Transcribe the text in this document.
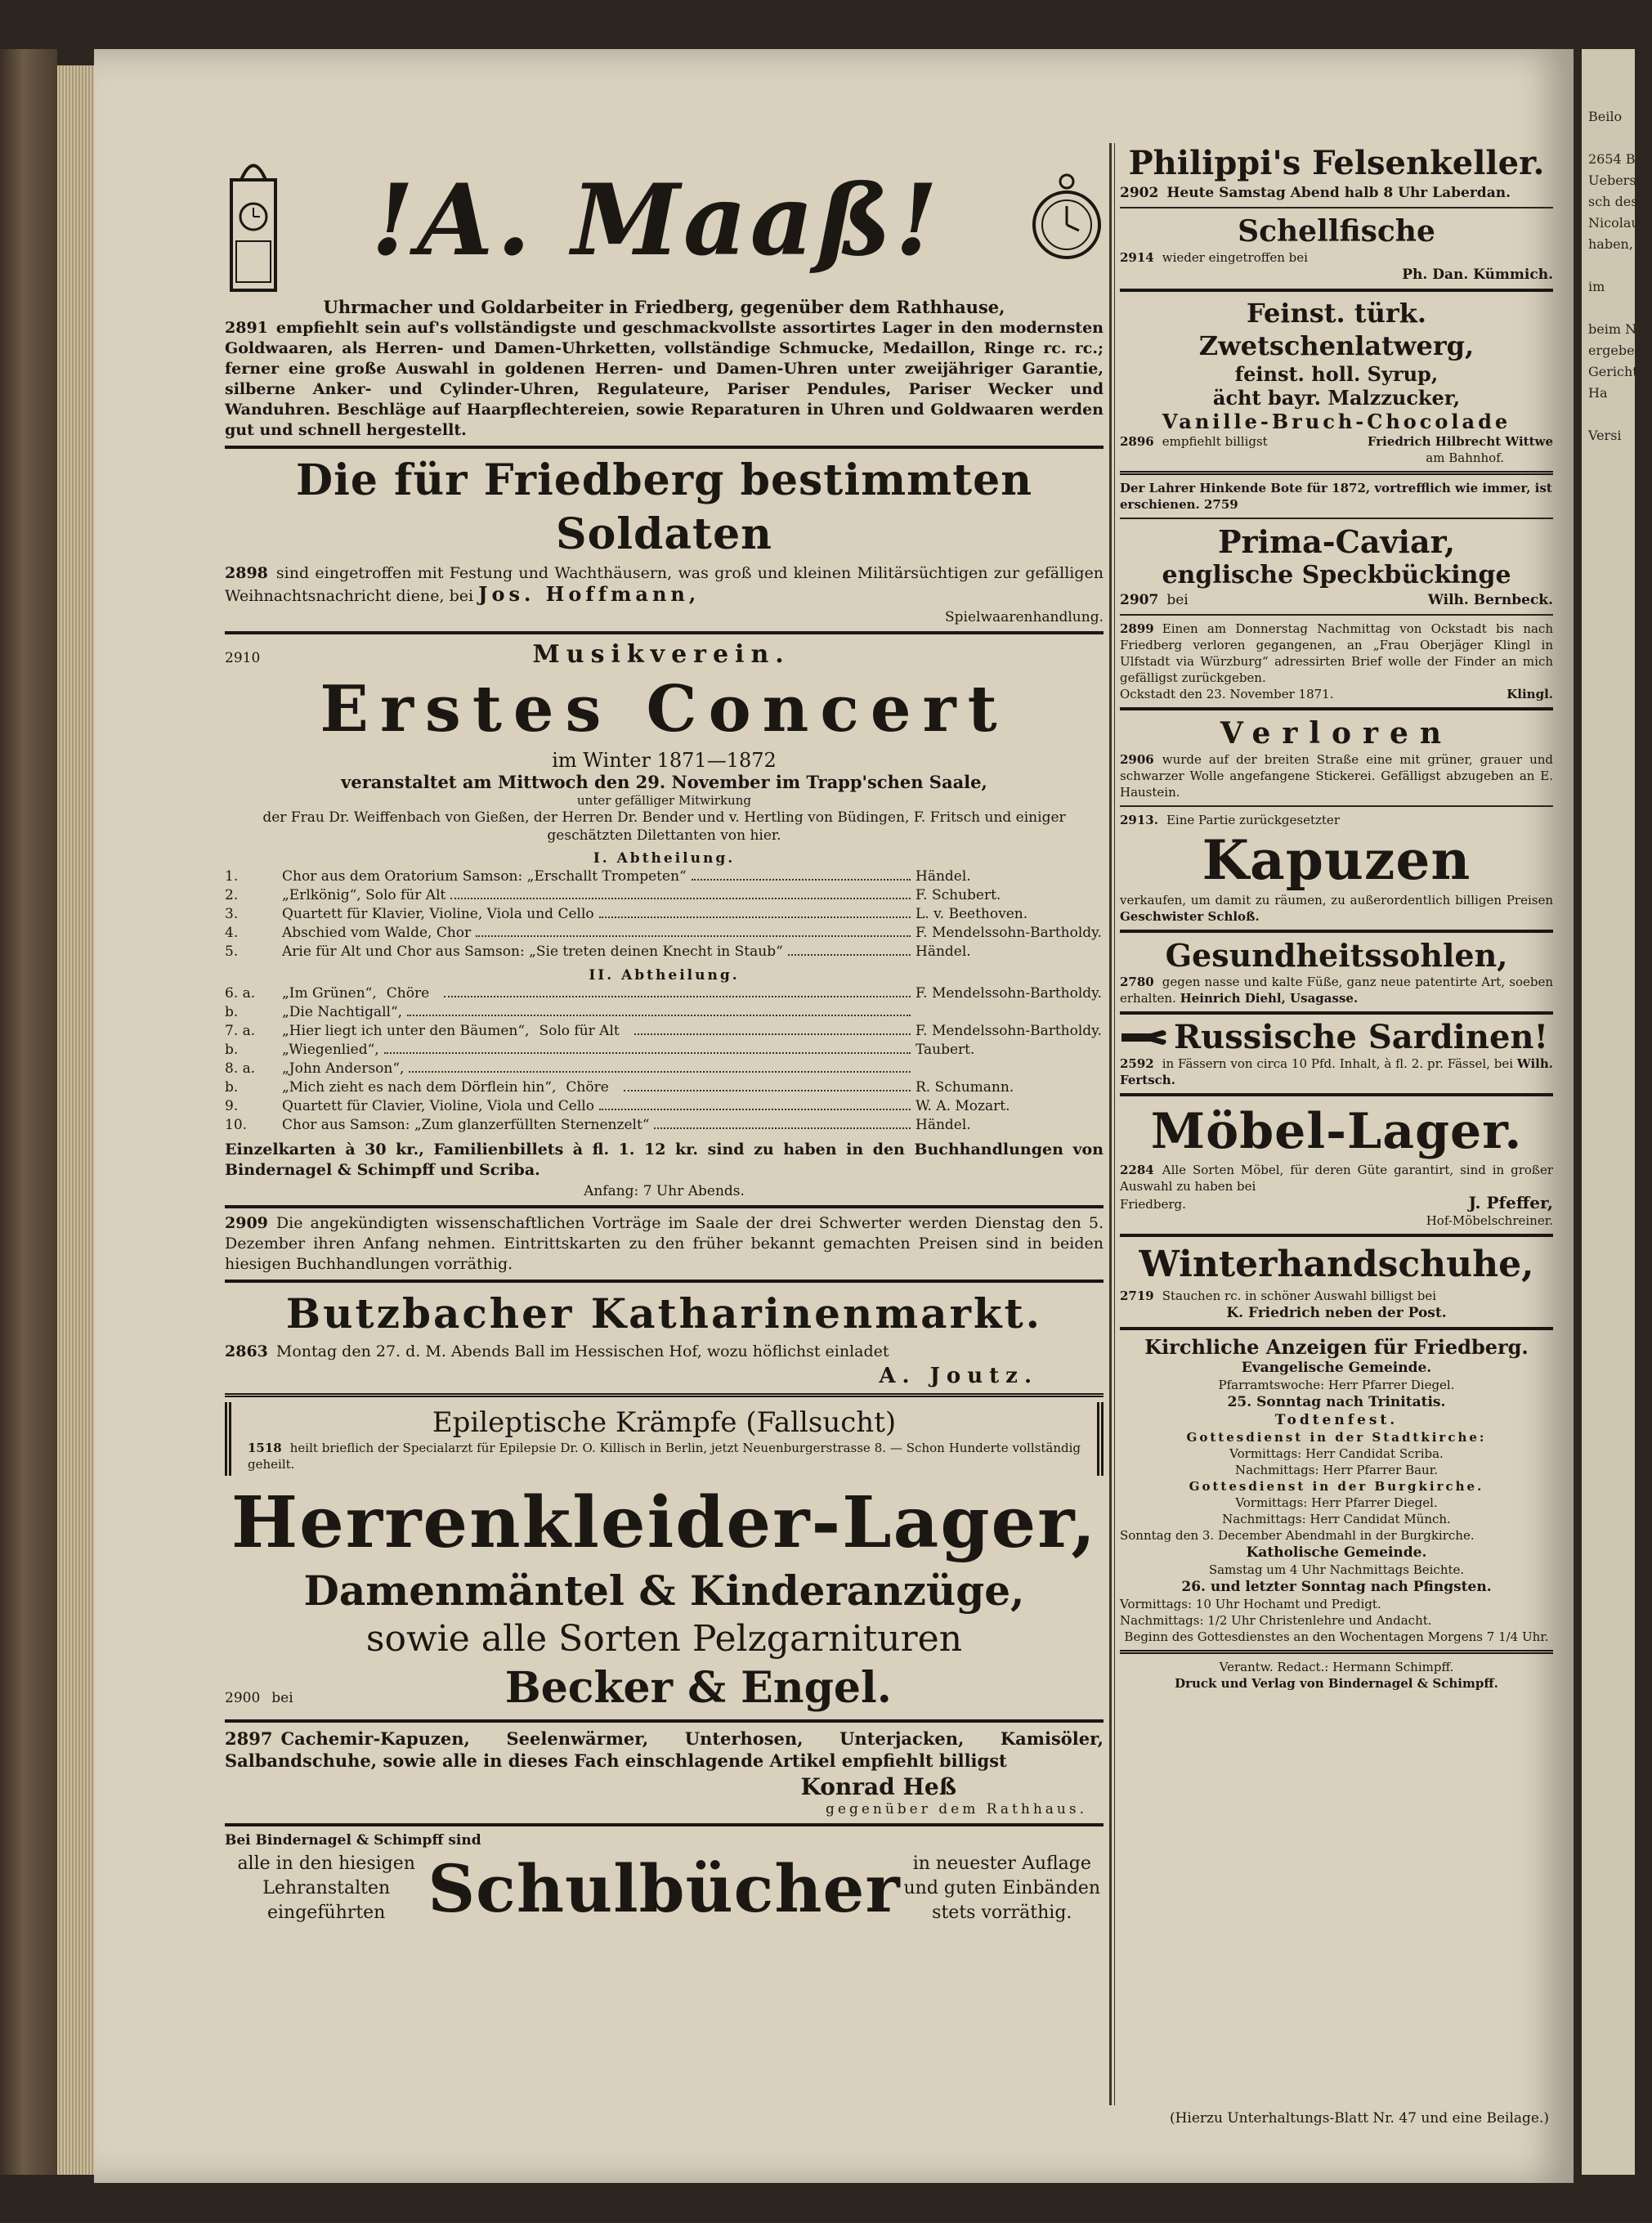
Beilo

2654 B
Uebersch
sch des
Nicolau
haben,

im

beim N
ergeben
Gericht
Ha

Versi
!A. Maaß!
Uhrmacher und Goldarbeiter in Friedberg, gegenüber dem Rathhause,
2891 empfiehlt sein auf's vollständigste und geschmackvollste assortirtes Lager in den modernsten Goldwaaren, als Herren- und Damen-Uhrketten, vollständige Schmucke, Medaillon, Ringe rc. rc.; ferner eine große Auswahl in goldenen Herren- und Damen-Uhren unter zweijähriger Garantie, silberne Anker- und Cylinder-Uhren, Regulateure, Pariser Pendules, Pariser Wecker und Wanduhren. Beschläge auf Haarpflechtereien, sowie Reparaturen in Uhren und Goldwaaren werden gut und schnell hergestellt.
Die für Friedberg bestimmten Soldaten
2898 sind eingetroffen mit Festung und Wachthäusern, was groß und kleinen Militärsüchtigen zur gefälligen Weihnachtsnachricht diene, bei Jos. Hoffmann,
Spielwaarenhandlung.
2910	Musikverein.
Erstes Concert
im Winter 1871—1872
veranstaltet am Mittwoch den 29. November im Trapp'schen Saale,
unter gefälliger Mitwirkung
der Frau Dr. Weiffenbach von Gießen, der Herren Dr. Bender und v. Hertling von Büdingen, F. Fritsch und einiger geschätzten Dilettanten von hier.
I. Abtheilung.
1.	Chor aus dem Oratorium Samson: „Erschallt Trompeten“	Händel.
2.	„Erlkönig“, Solo für Alt	F. Schubert.
3.	Quartett für Klavier, Violine, Viola und Cello	L. v. Beethoven.
4.	Abschied vom Walde, Chor	F. Mendelssohn-Bartholdy.
5.	Arie für Alt und Chor aus Samson: „Sie treten deinen Knecht in Staub“	Händel.
II. Abtheilung.
6. a.	„Im Grünen“, Chöre	F. Mendelssohn-Bartholdy.
b.	„Die Nachtigall“,
7. a.	„Hier liegt ich unter den Bäumen“, Solo für Alt	F. Mendelssohn-Bartholdy.
b.	„Wiegenlied“,	Taubert.
8. a.	„John Anderson“,
b.	„Mich zieht es nach dem Dörflein hin“, Chöre	R. Schumann.
9.	Quartett für Clavier, Violine, Viola und Cello	W. A. Mozart.
10.	Chor aus Samson: „Zum glanzerfüllten Sternenzelt“	Händel.
Einzelkarten à 30 kr., Familienbillets à fl. 1. 12 kr. sind zu haben in den Buchhandlungen von Bindernagel & Schimpff und Scriba.
Anfang: 7 Uhr Abends.
2909 Die angekündigten wissenschaftlichen Vorträge im Saale der drei Schwerter werden Dienstag den 5. Dezember ihren Anfang nehmen. Eintrittskarten zu den früher bekannt gemachten Preisen sind in beiden hiesigen Buchhandlungen vorräthig.
Butzbacher Katharinenmarkt.
2863 Montag den 27. d. M. Abends Ball im Hessischen Hof, wozu höflichst einladet
A. Joutz.
Epileptische Krämpfe (Fallsucht)
1518 heilt brieflich der Specialarzt für Epilepsie Dr. O. Killisch in Berlin, jetzt Neuenburgerstrasse 8. — Schon Hunderte vollständig geheilt.
Herrenkleider-Lager,
Damenmäntel & Kinderanzüge,
sowie alle Sorten Pelzgarnituren
2900 bei	Becker & Engel.
2897 Cachemir-Kapuzen, Seelenwärmer, Unterhosen, Unterjacken, Kamisöler, Salbandschuhe, sowie alle in dieses Fach einschlagende Artikel empfiehlt billigst
Konrad Heß
gegenüber dem Rathhaus.
Bei Bindernagel & Schimpff sind
alle in den hiesigen Lehranstalten eingeführten Schulbücher in neuester Auflage und guten Einbänden stets vorräthig.
Philippi's Felsenkeller.
2902 Heute Samstag Abend halb 8 Uhr Laberdan.
Schellfische
2914 wieder eingetroffen bei
Ph. Dan. Kümmich.
Feinst. türk. Zwetschenlatwerg,
feinst. holl. Syrup,
ächt bayr. Malzzucker,
Vanille-Bruch-Chocolade
2896 empfiehlt billigst	Friedrich Hilbrecht Wittwe
am Bahnhof.
Der Lahrer Hinkende Bote für 1872, vortrefflich wie immer, ist erschienen. 2759
Prima-Caviar,
englische Speckbückinge
2907 bei	Wilh. Bernbeck.
2899 Einen am Donnerstag Nachmittag von Ockstadt bis nach Friedberg verloren gegangenen, an „Frau Oberjäger Klingl in Ulfstadt via Würzburg“ adressirten Brief wolle der Finder an mich gefälligst zurückgeben.
Ockstadt den 23. November 1871.	Klingl.
Verloren
2906 wurde auf der breiten Straße eine mit grüner, grauer und schwarzer Wolle angefangene Stickerei. Gefälligst abzugeben an E. Haustein.
2913. Eine Partie zurückgesetzter
Kapuzen
verkaufen, um damit zu räumen, zu außerordentlich billigen Preisen Geschwister Schloß.
Gesundheitssohlen,
2780 gegen nasse und kalte Füße, ganz neue patentirte Art, soeben erhalten. Heinrich Diehl, Usagasse.
Russische Sardinen!
2592 in Fässern von circa 10 Pfd. Inhalt, à fl. 2. pr. Fässel, bei Wilh. Fertsch.
Möbel-Lager.
2284 Alle Sorten Möbel, für deren Güte garantirt, sind in großer Auswahl zu haben bei
Friedberg.	J. Pfeffer,
Hof-Möbelschreiner.
Winterhandschuhe,
2719 Stauchen rc. in schöner Auswahl billigst bei
K. Friedrich neben der Post.
Kirchliche Anzeigen für Friedberg.
Evangelische Gemeinde.
Pfarramtswoche: Herr Pfarrer Diegel.
25. Sonntag nach Trinitatis.
Todtenfest.
Gottesdienst in der Stadtkirche:
Vormittags: Herr Candidat Scriba.
Nachmittags: Herr Pfarrer Baur.
Gottesdienst in der Burgkirche.
Vormittags: Herr Pfarrer Diegel.
Nachmittags: Herr Candidat Münch.
Sonntag den 3. December Abendmahl in der Burgkirche.
Katholische Gemeinde.
Samstag um 4 Uhr Nachmittags Beichte.
26. und letzter Sonntag nach Pfingsten.
Vormittags: 10 Uhr Hochamt und Predigt.
Nachmittags: 1/2 Uhr Christenlehre und Andacht.
Beginn des Gottesdienstes an den Wochentagen Morgens 7 1/4 Uhr.
Verantw. Redact.: Hermann Schimpff.
Druck und Verlag von Bindernagel & Schimpff.
(Hierzu Unterhaltungs-Blatt Nr. 47 und eine Beilage.)
